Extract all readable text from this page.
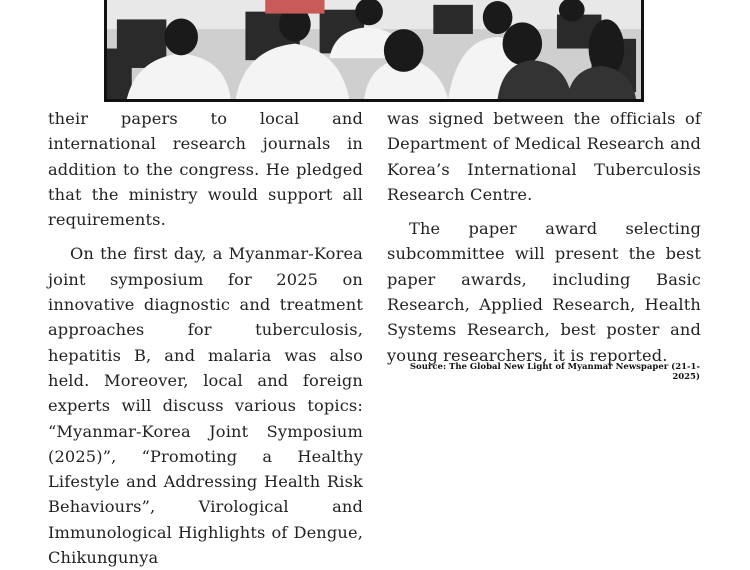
their papers to local and international research journals in addition to the congress. He pledged that the ministry would support all requirements.

On the first day, a Myanmar-Korea joint symposium for 2025 on innovative diagnostic and treatment approaches for tuberculosis, hepatitis B, and malaria was also held. Moreover, local and foreign experts will discuss various topics: “Myanmar-Korea Joint Symposium (2025)”, “Promoting a Healthy Lifestyle and Addressing Health Risk Behaviours”, Virological and Immunological Highlights of Dengue, Chikungunya

was signed between the officials of Department of Medical Research and Korea’s International Tuberculosis Research Centre.

The paper award selecting subcommittee will present the best paper awards, including Basic Research, Applied Research, Health Systems Research, best poster and young researchers, it is reported.

Source: The Global New Light of Myanmar Newspaper (21-1-2025)
